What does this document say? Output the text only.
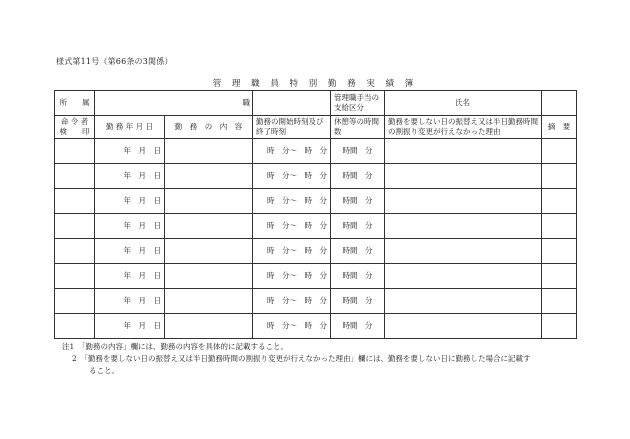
様式第11号（第66条の3関係）
管 理 職 員 特 別 勤 務 実 績 簿
所　　属	職			管理職手当の支給区分	氏名	
命 令 者 検　　印	勤 務 年 月 日	勤　務　の　内　容	勤務の開始時刻及び終了時刻	休憩等の時間数	勤務を要しない日の振替え又は半日勤務時間の割振り変更が行えなかった理由	摘　要
	年　月　日		時　分〜　時　分	時間　分		
	年　月　日		時　分〜　時　分	時間　分		
	年　月　日		時　分〜　時　分	時間　分		
	年　月　日		時　分〜　時　分	時間　分		
	年　月　日		時　分〜　時　分	時間　分		
	年　月　日		時　分〜　時　分	時間　分		
	年　月　日		時　分〜　時　分	時間　分		
	年　月　日		時　分〜　時　分	時間　分		
注1　「勤務の内容」欄には、勤務の内容を具体的に記載すること。
2　「勤務を要しない日の振替え又は半日勤務時間の割振り変更が行えなかった理由」欄には、勤務を要しない日に勤務した場合に記載す
ること。
